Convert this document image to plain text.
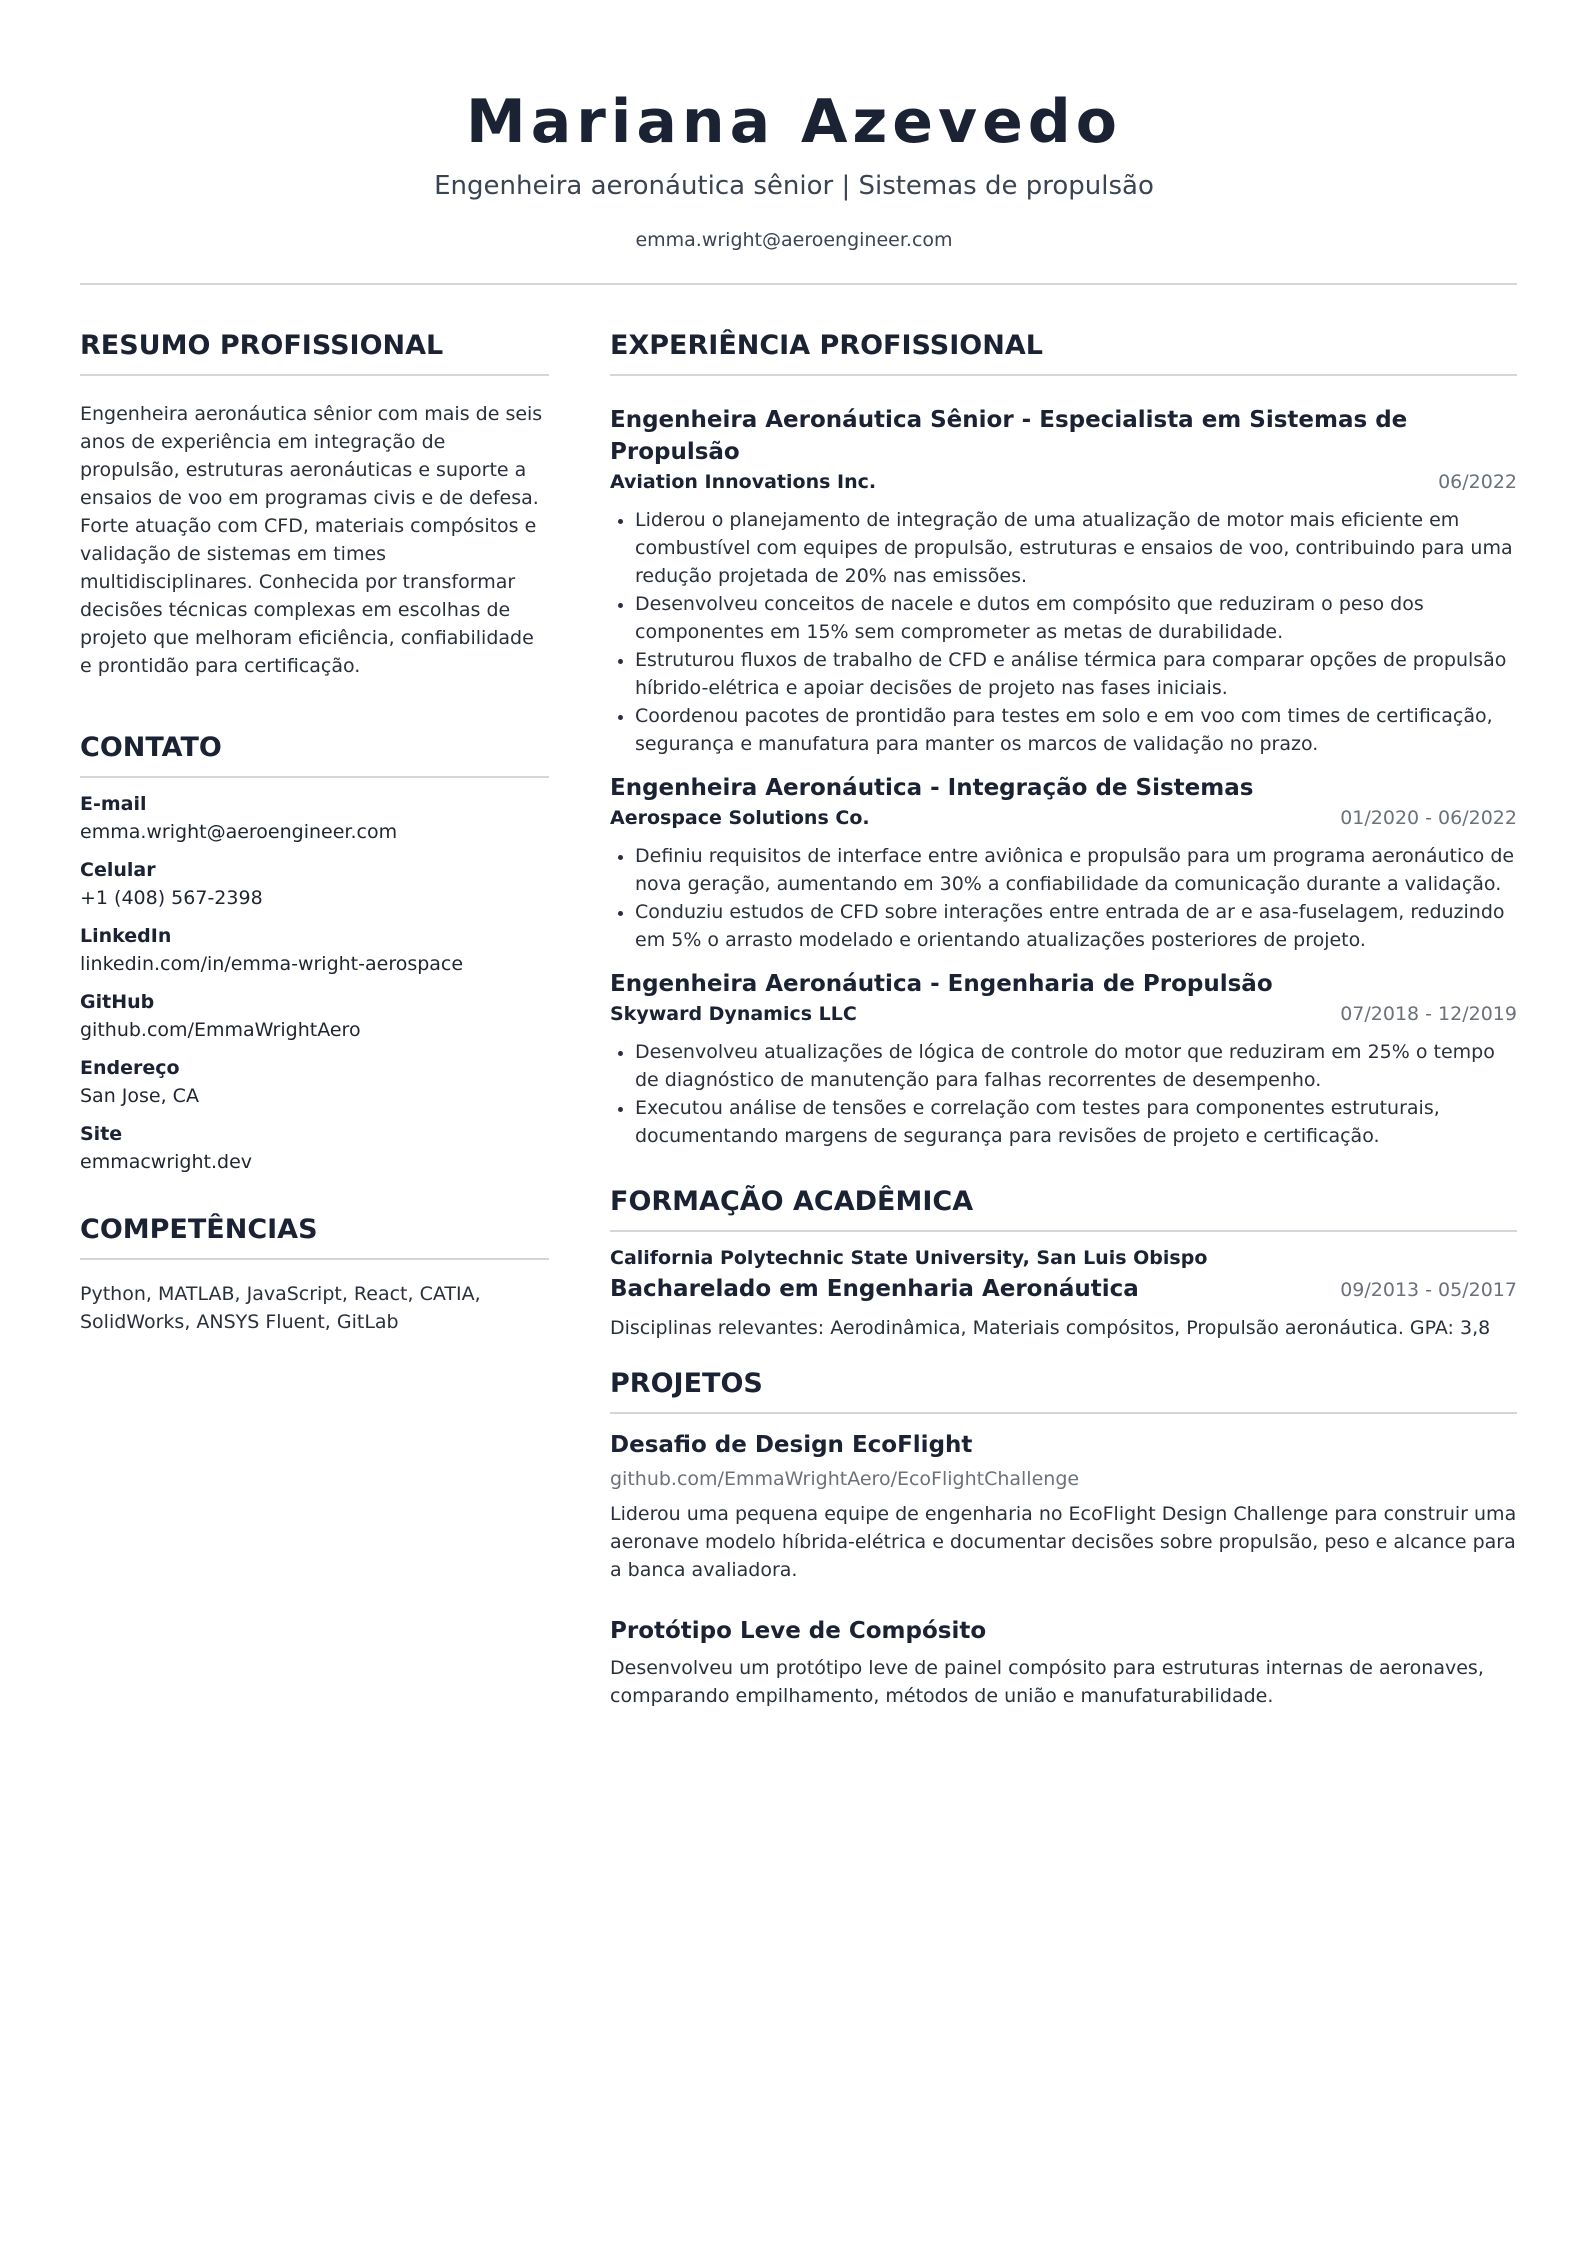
Mariana Azevedo
Engenheira aeronáutica sênior | Sistemas de propulsão
emma.wright@aeroengineer.com
RESUMO PROFISSIONAL
Engenheira aeronáutica sênior com mais de seis anos de experiência em integração de propulsão, estruturas aeronáuticas e suporte a ensaios de voo em programas civis e de defesa. Forte atuação com CFD, materiais compósitos e validação de sistemas em times multidisciplinares. Conhecida por transformar decisões técnicas complexas em escolhas de projeto que melhoram eficiência, confiabilidade e prontidão para certificação.
CONTATO
E-mail
emma.wright@aeroengineer.com
Celular
+1 (408) 567-2398
LinkedIn
linkedin.com/in/emma-wright-aerospace
GitHub
github.com/EmmaWrightAero
Endereço
San Jose, CA
Site
emmacwright.dev
COMPETÊNCIAS
Python, MATLAB, JavaScript, React, CATIA, SolidWorks, ANSYS Fluent, GitLab
EXPERIÊNCIA PROFISSIONAL
Engenheira Aeronáutica Sênior - Especialista em Sistemas de Propulsão
Aviation Innovations Inc.	06/2022
Liderou o planejamento de integração de uma atualização de motor mais eficiente em combustível com equipes de propulsão, estruturas e ensaios de voo, contribuindo para uma redução projetada de 20% nas emissões.
Desenvolveu conceitos de nacele e dutos em compósito que reduziram o peso dos componentes em 15% sem comprometer as metas de durabilidade.
Estruturou fluxos de trabalho de CFD e análise térmica para comparar opções de propulsão híbrido-elétrica e apoiar decisões de projeto nas fases iniciais.
Coordenou pacotes de prontidão para testes em solo e em voo com times de certificação, segurança e manufatura para manter os marcos de validação no prazo.
Engenheira Aeronáutica - Integração de Sistemas
Aerospace Solutions Co.	01/2020 - 06/2022
Definiu requisitos de interface entre aviônica e propulsão para um programa aeronáutico de nova geração, aumentando em 30% a confiabilidade da comunicação durante a validação.
Conduziu estudos de CFD sobre interações entre entrada de ar e asa-fuselagem, reduzindo em 5% o arrasto modelado e orientando atualizações posteriores de projeto.
Engenheira Aeronáutica - Engenharia de Propulsão
Skyward Dynamics LLC	07/2018 - 12/2019
Desenvolveu atualizações de lógica de controle do motor que reduziram em 25% o tempo de diagnóstico de manutenção para falhas recorrentes de desempenho.
Executou análise de tensões e correlação com testes para componentes estruturais, documentando margens de segurança para revisões de projeto e certificação.
FORMAÇÃO ACADÊMICA
California Polytechnic State University, San Luis Obispo
Bacharelado em Engenharia Aeronáutica	09/2013 - 05/2017
Disciplinas relevantes: Aerodinâmica, Materiais compósitos, Propulsão aeronáutica. GPA: 3,8
PROJETOS
Desafio de Design EcoFlight
github.com/EmmaWrightAero/EcoFlightChallenge
Liderou uma pequena equipe de engenharia no EcoFlight Design Challenge para construir uma aeronave modelo híbrida-elétrica e documentar decisões sobre propulsão, peso e alcance para a banca avaliadora.
Protótipo Leve de Compósito
Desenvolveu um protótipo leve de painel compósito para estruturas internas de aeronaves, comparando empilhamento, métodos de união e manufaturabilidade.
